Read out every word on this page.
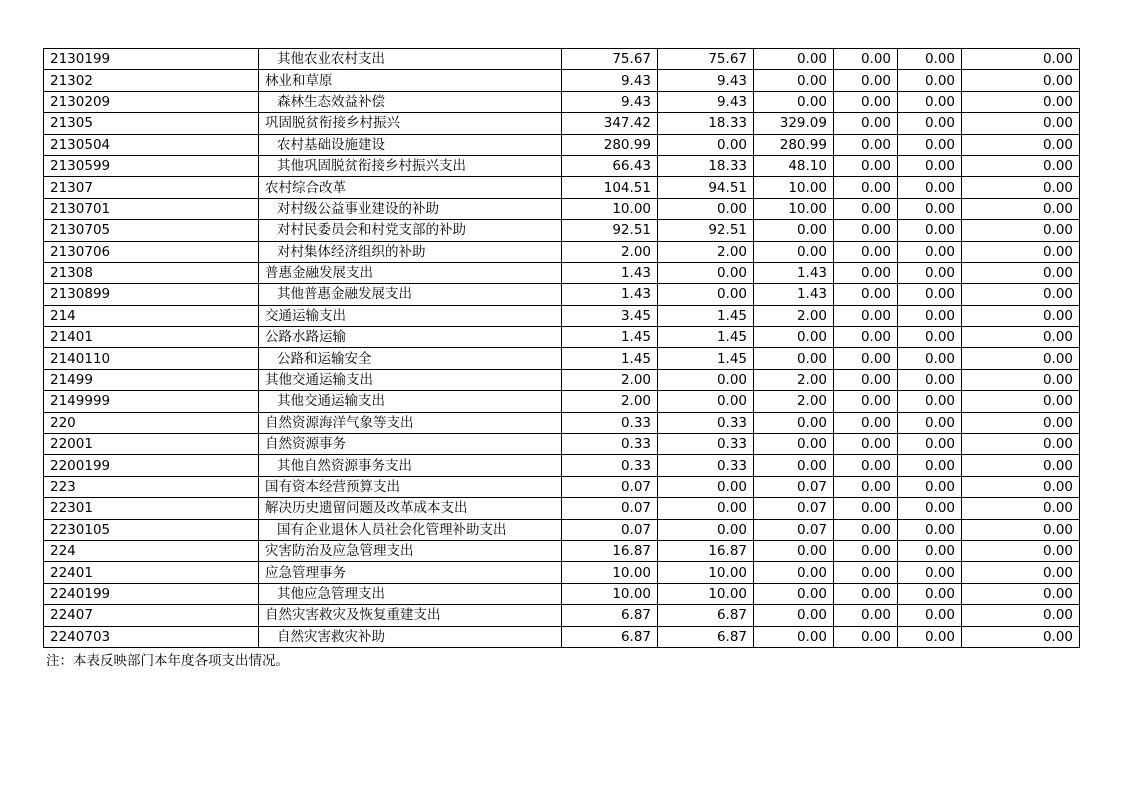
2130199	其他农业农村支出	75.67	75.67	0.00	0.00	0.00	0.00
21302	林业和草原	9.43	9.43	0.00	0.00	0.00	0.00
2130209	森林生态效益补偿	9.43	9.43	0.00	0.00	0.00	0.00
21305	巩固脱贫衔接乡村振兴	347.42	18.33	329.09	0.00	0.00	0.00
2130504	农村基础设施建设	280.99	0.00	280.99	0.00	0.00	0.00
2130599	其他巩固脱贫衔接乡村振兴支出	66.43	18.33	48.10	0.00	0.00	0.00
21307	农村综合改革	104.51	94.51	10.00	0.00	0.00	0.00
2130701	对村级公益事业建设的补助	10.00	0.00	10.00	0.00	0.00	0.00
2130705	对村民委员会和村党支部的补助	92.51	92.51	0.00	0.00	0.00	0.00
2130706	对村集体经济组织的补助	2.00	2.00	0.00	0.00	0.00	0.00
21308	普惠金融发展支出	1.43	0.00	1.43	0.00	0.00	0.00
2130899	其他普惠金融发展支出	1.43	0.00	1.43	0.00	0.00	0.00
214	交通运输支出	3.45	1.45	2.00	0.00	0.00	0.00
21401	公路水路运输	1.45	1.45	0.00	0.00	0.00	0.00
2140110	公路和运输安全	1.45	1.45	0.00	0.00	0.00	0.00
21499	其他交通运输支出	2.00	0.00	2.00	0.00	0.00	0.00
2149999	其他交通运输支出	2.00	0.00	2.00	0.00	0.00	0.00
220	自然资源海洋气象等支出	0.33	0.33	0.00	0.00	0.00	0.00
22001	自然资源事务	0.33	0.33	0.00	0.00	0.00	0.00
2200199	其他自然资源事务支出	0.33	0.33	0.00	0.00	0.00	0.00
223	国有资本经营预算支出	0.07	0.00	0.07	0.00	0.00	0.00
22301	解决历史遗留问题及改革成本支出	0.07	0.00	0.07	0.00	0.00	0.00
2230105	国有企业退休人员社会化管理补助支出	0.07	0.00	0.07	0.00	0.00	0.00
224	灾害防治及应急管理支出	16.87	16.87	0.00	0.00	0.00	0.00
22401	应急管理事务	10.00	10.00	0.00	0.00	0.00	0.00
2240199	其他应急管理支出	10.00	10.00	0.00	0.00	0.00	0.00
22407	自然灾害救灾及恢复重建支出	6.87	6.87	0.00	0.00	0.00	0.00
2240703	自然灾害救灾补助	6.87	6.87	0.00	0.00	0.00	0.00
注：本表反映部门本年度各项支出情况。
